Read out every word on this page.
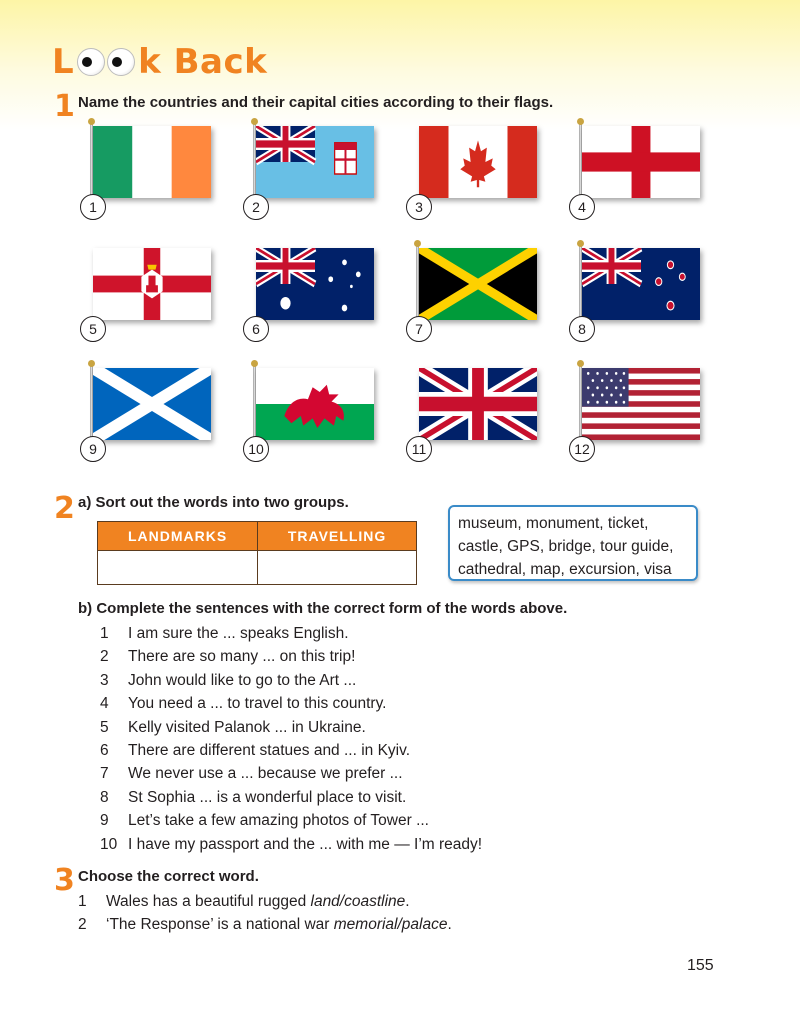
L k Back
1 Name the countries and their capital cities according to their flags.
1	2	3	4
5	6	7	8
9	10	11	12
2 a) Sort out the words into two groups.
LANDMARKS	TRAVELLING

museum, monument, ticket,
castle, GPS, bridge, tour guide,
cathedral, map, excursion, visa
b) Complete the sentences with the correct form of the words above.
1 I am sure the ... speaks English.
2 There are so many ... on this trip!
3 John would like to go to the Art ...
4 You need a ... to travel to this country.
5 Kelly visited Palanok ... in Ukraine.
6 There are different statues and ... in Kyiv.
7 We never use a ... because we prefer ...
8 St Sophia ... is a wonderful place to visit.
9 Let’s take a few amazing photos of Tower ...
10 I have my passport and the ... with me — I’m ready!
3 Choose the correct word.
1 Wales has a beautiful rugged land/coastline.
2 ‘The Response’ is a national war memorial/palace.
155
